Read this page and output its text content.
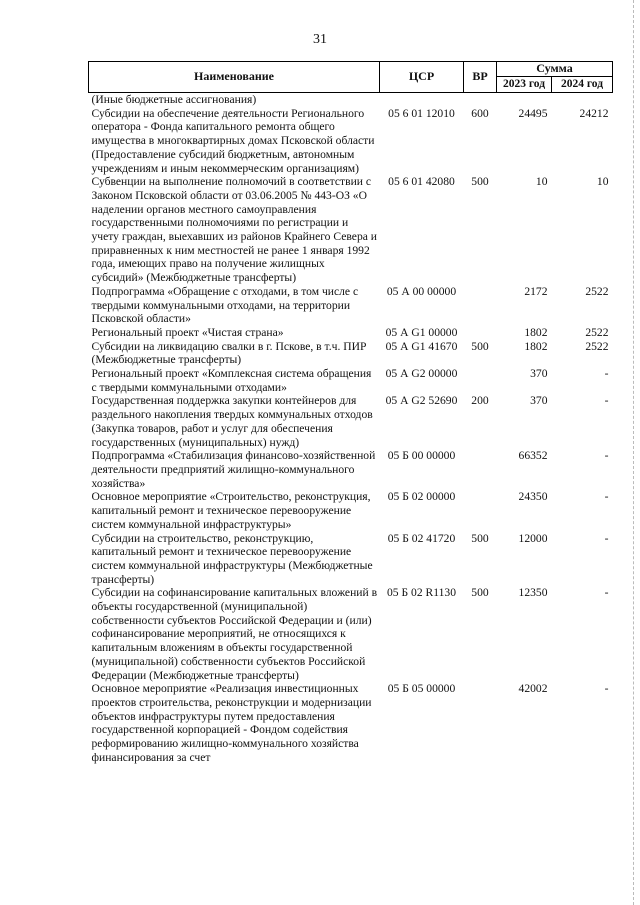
31
Наименование	ЦСР	ВР	Сумма	
			2023 год	2024 год
(Иные бюджетные ассигнования)				
Субсидии на обеспечение деятельности Регионального оператора - Фонда капитального ремонта общего имущества в многоквартирных домах Псковской области (Предоставление субсидий бюджетным, автономным учреждениям и иным некоммерческим организациям)	05 6 01 12010	600	24495	24212
Субвенции на выполнение полномочий в соответствии с Законом Псковской области от 03.06.2005 № 443-ОЗ «О наделении органов местного самоуправления государственными полномочиями по регистрации и учету граждан, выехавших из районов Крайнего Севера и приравненных к ним местностей не ранее 1 января 1992 года, имеющих право на получение жилищных субсидий» (Межбюджетные трансферты)	05 6 01 42080	500	10	10
Подпрограмма «Обращение с отходами, в том числе с твердыми коммунальными отходами, на территории Псковской области»	05 А 00 00000		2172	2522
Региональный проект «Чистая страна»	05 А G1 00000		1802	2522
Субсидии на ликвидацию свалки в г. Пскове, в т.ч. ПИР (Межбюджетные трансферты)	05 А G1 41670	500	1802	2522
Региональный проект «Комплексная система обращения с твердыми коммунальными отходами»	05 А G2 00000		370	-
Государственная поддержка закупки контейнеров для раздельного накопления твердых коммунальных отходов (Закупка товаров, работ и услуг для обеспечения государственных (муниципальных) нужд)	05 А G2 52690	200	370	-
Подпрограмма «Стабилизация финансово-хозяйственной деятельности предприятий жилищно-коммунального хозяйства»	05 Б 00 00000		66352	-
Основное мероприятие «Строительство, реконструкция, капитальный ремонт и техническое перевооружение систем коммунальной инфраструктуры»	05 Б 02 00000		24350	-
Субсидии на строительство, реконструкцию, капитальный ремонт и техническое перевооружение систем коммунальной инфраструктуры (Межбюджетные трансферты)	05 Б 02 41720	500	12000	-
Субсидии на софинансирование капитальных вложений в объекты государственной (муниципальной) собственности субъектов Российской Федерации и (или) софинансирование мероприятий, не относящихся к капитальным вложениям в объекты государственной (муниципальной) собственности субъектов Российской Федерации (Межбюджетные трансферты)	05 Б 02 R1130	500	12350	-
Основное мероприятие «Реализация инвестиционных проектов строительства, реконструкции и модернизации объектов инфраструктуры путем предоставления государственной корпорацией - Фондом содействия реформированию жилищно-коммунального хозяйства финансирования за счет	05 Б 05 00000		42002	-
